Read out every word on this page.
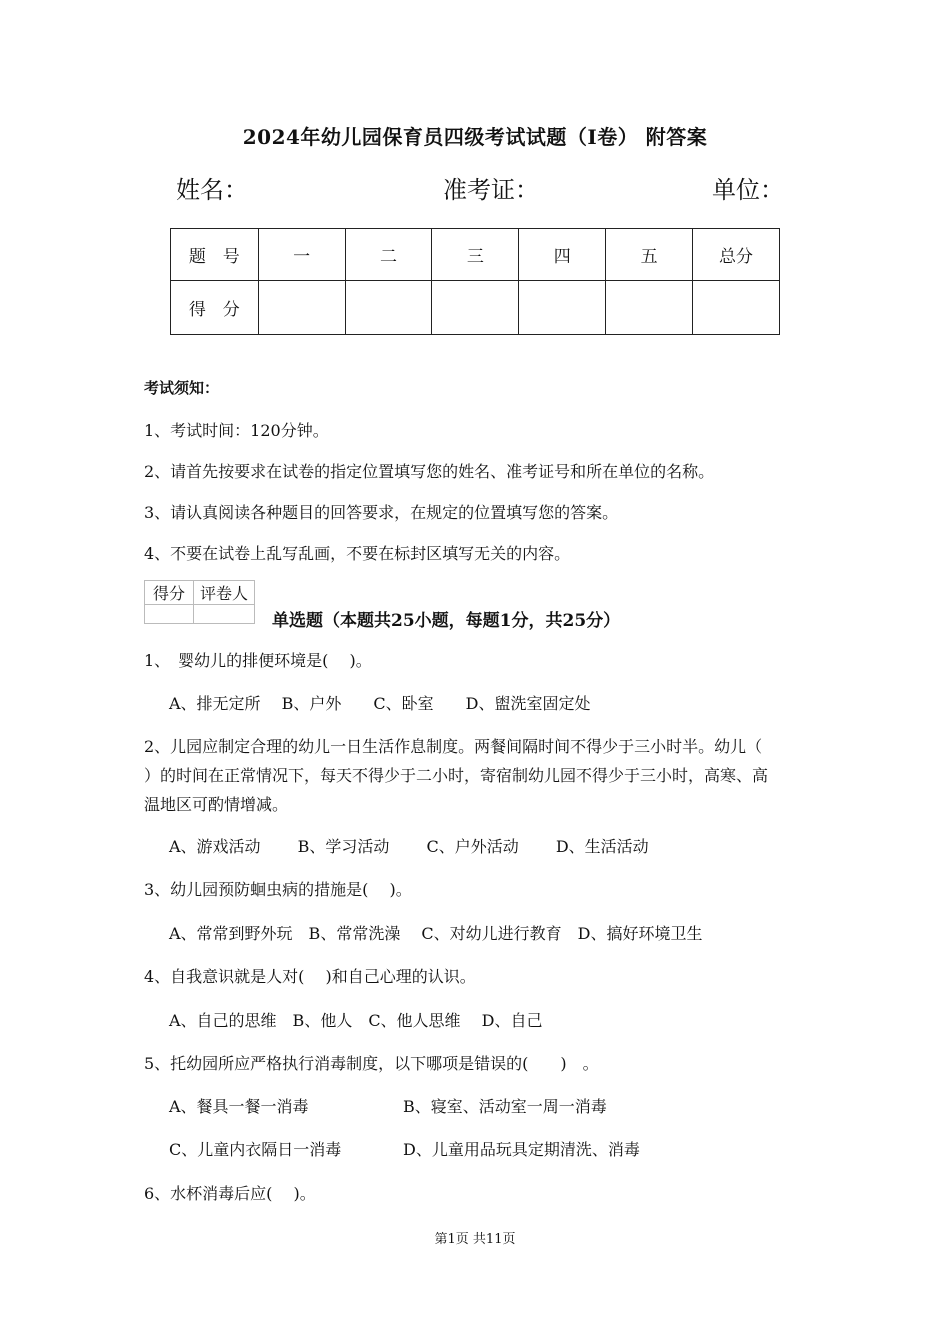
2024年幼儿园保育员四级考试试题（I卷） 附答案
姓名：	准考证：	单位：
题　号	一	二	三	四	五	总分
得　分						
考试须知：
1、考试时间：120分钟。
2、请首先按要求在试卷的指定位置填写您的姓名、准考证号和所在单位的名称。
3、请认真阅读各种题目的回答要求，在规定的位置填写您的答案。
4、不要在试卷上乱写乱画，不要在标封区填写无关的内容。
得分	评卷人

单选题（本题共25小题，每题1分，共25分）
1、　婴幼儿的排便环境是(　 )。
A、排无定所　 B、户外　　C、卧室　　D、盥洗室固定处
2、儿园应制定合理的幼儿一日生活作息制度。两餐间隔时间不得少于三小时半。幼儿（
）的时间在正常情况下，每天不得少于二小时，寄宿制幼儿园不得少于三小时，高寒、高
温地区可酌情增减。
A、游戏活动　　 B、学习活动　　 C、户外活动　　 D、生活活动
3、幼儿园预防蛔虫病的措施是(　 )。
A、常常到野外玩　B、常常洗澡　 C、对幼儿进行教育　D、搞好环境卫生
4、自我意识就是人对(　 )和自己心理的认识。
A、自己的思维　B、他人　C、他人思维　 D、自己
5、托幼园所应严格执行消毒制度，以下哪项是错误的(　　)　。
A、餐具一餐一消毒	B、寝室、活动室一周一消毒
C、儿童内衣隔日一消毒	D、儿童用品玩具定期清洗、消毒
6、水杯消毒后应(　 )。
第1页 共11页
